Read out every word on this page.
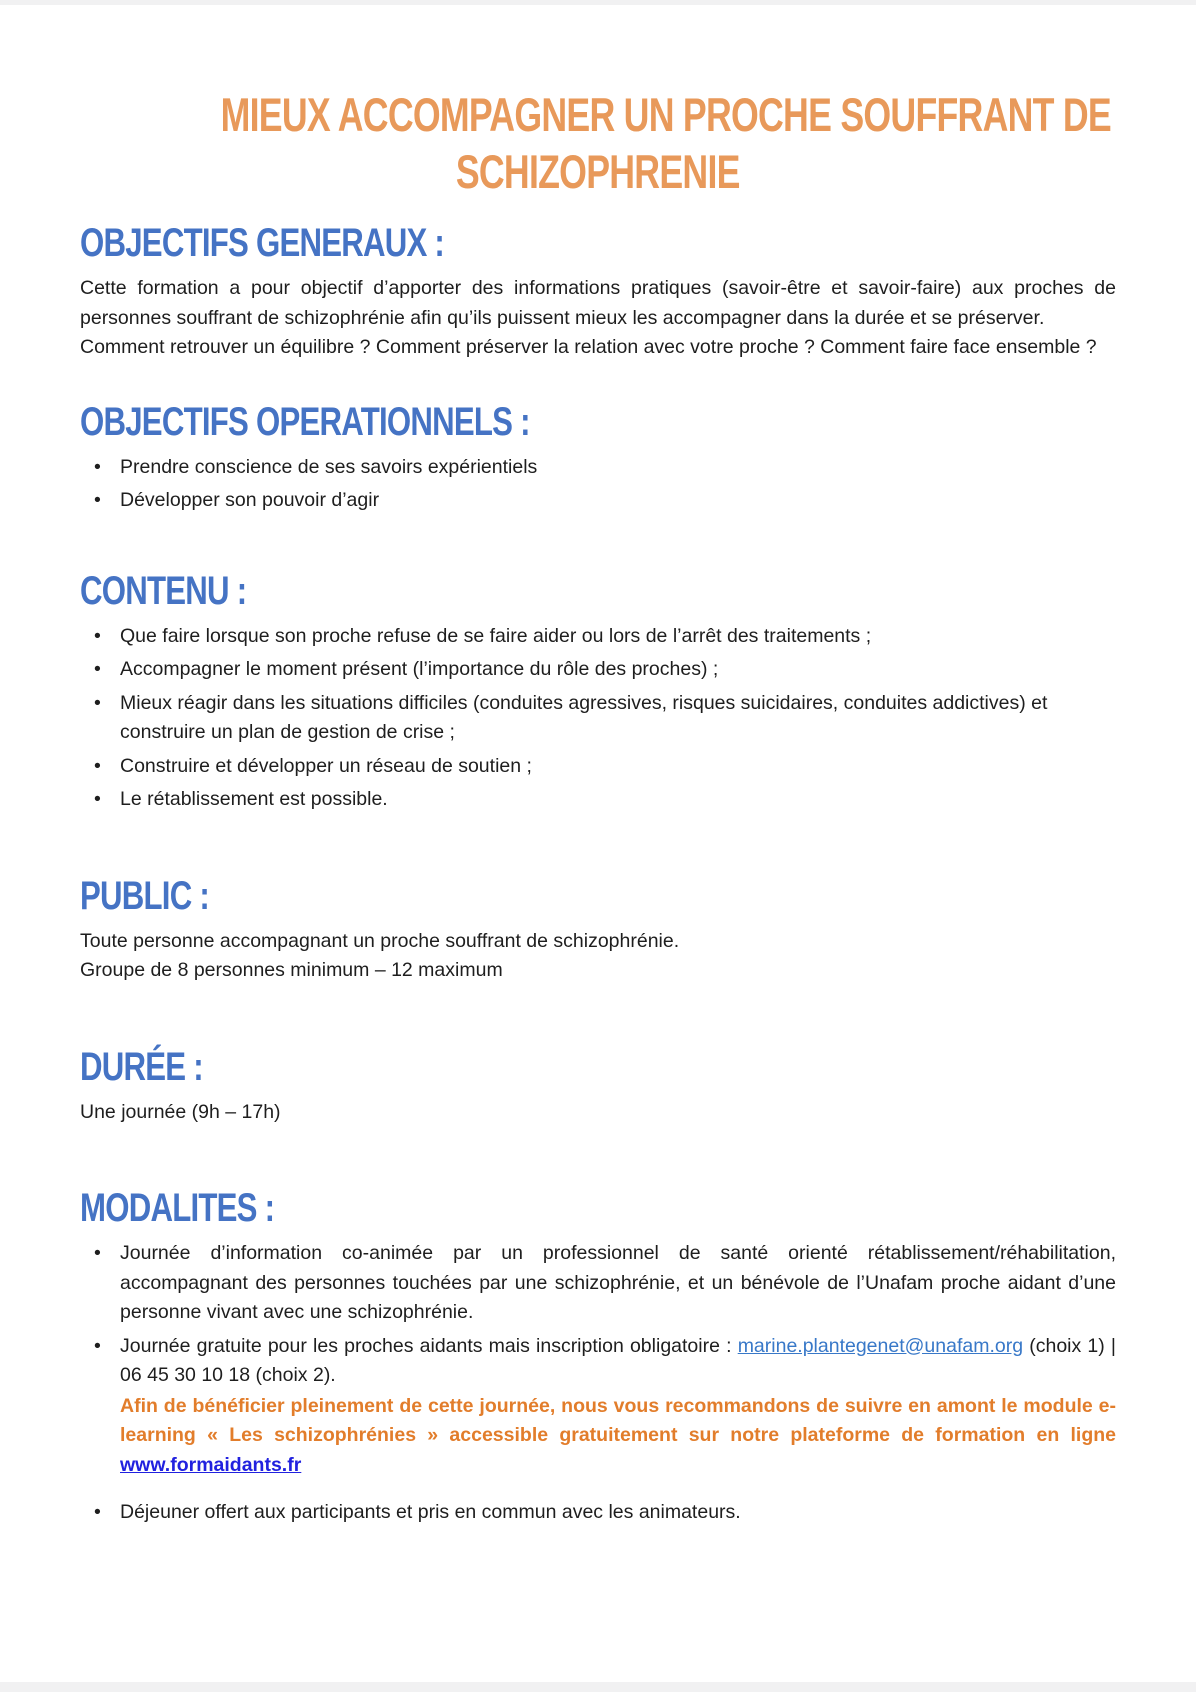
MIEUX ACCOMPAGNER UN PROCHE SOUFFRANT DE
SCHIZOPHRENIE
OBJECTIFS GENERAUX :

Cette formation a pour objectif d’apporter des informations pratiques (savoir-être et savoir-faire) aux proches de personnes souffrant de schizophrénie afin qu’ils puissent mieux les accompagner dans la durée et se préserver.

Comment retrouver un équilibre ? Comment préserver la relation avec votre proche ? Comment faire face ensemble ?

OBJECTIFS OPERATIONNELS :
• Prendre conscience de ses savoirs expérientiels
• Développer son pouvoir d’agir
CONTENU :
• Que faire lorsque son proche refuse de se faire aider ou lors de l’arrêt des traitements ;
• Accompagner le moment présent (l’importance du rôle des proches) ;
• Mieux réagir dans les situations difficiles (conduites agressives, risques suicidaires, conduites addictives) et construire un plan de gestion de crise ;
• Construire et développer un réseau de soutien ;
• Le rétablissement est possible.
PUBLIC :

Toute personne accompagnant un proche souffrant de schizophrénie.

Groupe de 8 personnes minimum – 12 maximum

DURÉE :

Une journée (9h – 17h)

MODALITES :
• Journée d’information co-animée par un professionnel de santé orienté rétablissement/réhabilitation, accompagnant des personnes touchées par une schizophrénie, et un bénévole de l’Unafam proche aidant d’une personne vivant avec une schizophrénie.
• Journée gratuite pour les proches aidants mais inscription obligatoire : marine.plantegenet@unafam.org (choix 1) | 06 45 30 10 18 (choix 2).
Afin de bénéficier pleinement de cette journée, nous vous recommandons de suivre en amont le module e-learning « Les schizophrénies » accessible gratuitement sur notre plateforme de formation en ligne www.formaidants.fr
• Déjeuner offert aux participants et pris en commun avec les animateurs.
